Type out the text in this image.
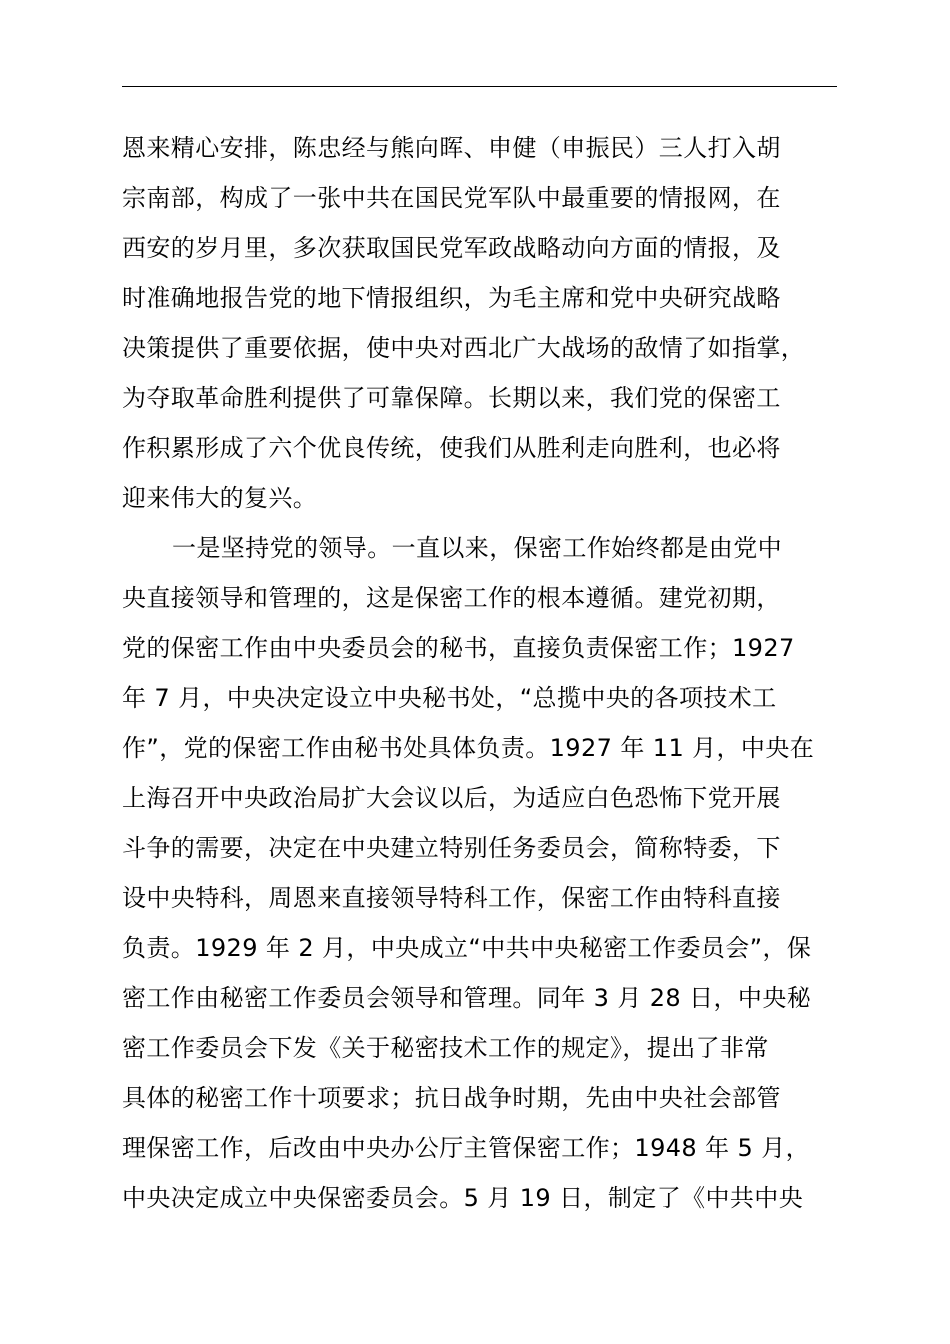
恩来精心安排，陈忠经与熊向晖、申健（申振民）三人打入胡
宗南部，构成了一张中共在国民党军队中最重要的情报网，在
西安的岁月里，多次获取国民党军政战略动向方面的情报，及
时准确地报告党的地下情报组织，为毛主席和党中央研究战略
决策提供了重要依据，使中央对西北广大战场的敌情了如指掌，
为夺取革命胜利提供了可靠保障。长期以来，我们党的保密工
作积累形成了六个优良传统，使我们从胜利走向胜利，也必将
迎来伟大的复兴。
一是坚持党的领导。一直以来，保密工作始终都是由党中
央直接领导和管理的，这是保密工作的根本遵循。建党初期，
党的保密工作由中央委员会的秘书，直接负责保密工作；1927
年 7 月，中央决定设立中央秘书处，“总揽中央的各项技术工
作”，党的保密工作由秘书处具体负责。1927 年 11 月，中央在
上海召开中央政治局扩大会议以后，为适应白色恐怖下党开展
斗争的需要，决定在中央建立特别任务委员会，简称特委，下
设中央特科，周恩来直接领导特科工作，保密工作由特科直接
负责。1929 年 2 月，中央成立“中共中央秘密工作委员会”，保
密工作由秘密工作委员会领导和管理。同年 3 月 28 日，中央秘
密工作委员会下发《关于秘密技术工作的规定》，提出了非常
具体的秘密工作十项要求；抗日战争时期，先由中央社会部管
理保密工作，后改由中央办公厅主管保密工作；1948 年 5 月，
中央决定成立中央保密委员会。5 月 19 日，制定了《中共中央
